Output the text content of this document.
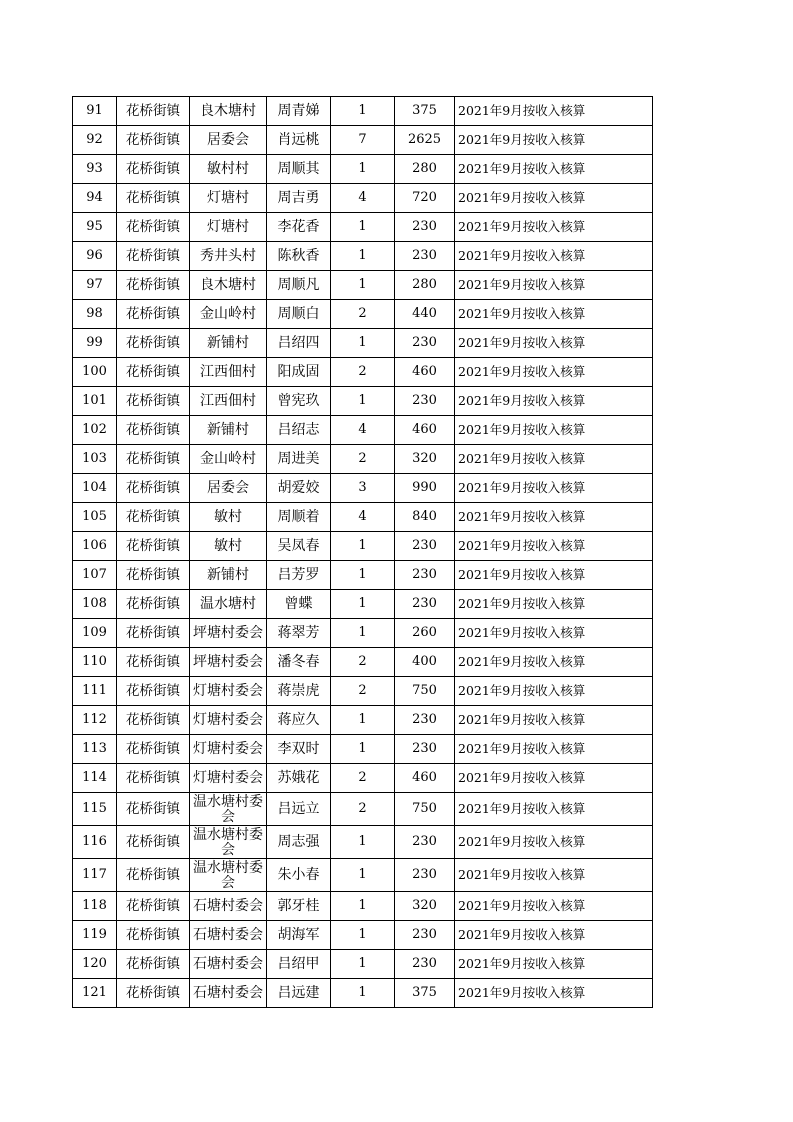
91	花桥街镇	良木塘村	周青娣	1	375	2021年9月按收入核算
92	花桥街镇	居委会	肖远桃	7	2625	2021年9月按收入核算
93	花桥街镇	敏村村	周顺其	1	280	2021年9月按收入核算
94	花桥街镇	灯塘村	周吉勇	4	720	2021年9月按收入核算
95	花桥街镇	灯塘村	李花香	1	230	2021年9月按收入核算
96	花桥街镇	秀井头村	陈秋香	1	230	2021年9月按收入核算
97	花桥街镇	良木塘村	周顺凡	1	280	2021年9月按收入核算
98	花桥街镇	金山岭村	周顺白	2	440	2021年9月按收入核算
99	花桥街镇	新铺村	吕绍四	1	230	2021年9月按收入核算
100	花桥街镇	江西佃村	阳成固	2	460	2021年9月按收入核算
101	花桥街镇	江西佃村	曾宪玖	1	230	2021年9月按收入核算
102	花桥街镇	新铺村	吕绍志	4	460	2021年9月按收入核算
103	花桥街镇	金山岭村	周进美	2	320	2021年9月按收入核算
104	花桥街镇	居委会	胡爱姣	3	990	2021年9月按收入核算
105	花桥街镇	敏村	周顺着	4	840	2021年9月按收入核算
106	花桥街镇	敏村	吴凤春	1	230	2021年9月按收入核算
107	花桥街镇	新铺村	吕芳罗	1	230	2021年9月按收入核算
108	花桥街镇	温水塘村	曾蝶	1	230	2021年9月按收入核算
109	花桥街镇	坪塘村委会	蒋翠芳	1	260	2021年9月按收入核算
110	花桥街镇	坪塘村委会	潘冬春	2	400	2021年9月按收入核算
111	花桥街镇	灯塘村委会	蒋崇虎	2	750	2021年9月按收入核算
112	花桥街镇	灯塘村委会	蒋应久	1	230	2021年9月按收入核算
113	花桥街镇	灯塘村委会	李双时	1	230	2021年9月按收入核算
114	花桥街镇	灯塘村委会	苏娥花	2	460	2021年9月按收入核算
115	花桥街镇	温水塘村委会	吕远立	2	750	2021年9月按收入核算
116	花桥街镇	温水塘村委会	周志强	1	230	2021年9月按收入核算
117	花桥街镇	温水塘村委会	朱小春	1	230	2021年9月按收入核算
118	花桥街镇	石塘村委会	郭牙桂	1	320	2021年9月按收入核算
119	花桥街镇	石塘村委会	胡海军	1	230	2021年9月按收入核算
120	花桥街镇	石塘村委会	吕绍甲	1	230	2021年9月按收入核算
121	花桥街镇	石塘村委会	吕远建	1	375	2021年9月按收入核算
